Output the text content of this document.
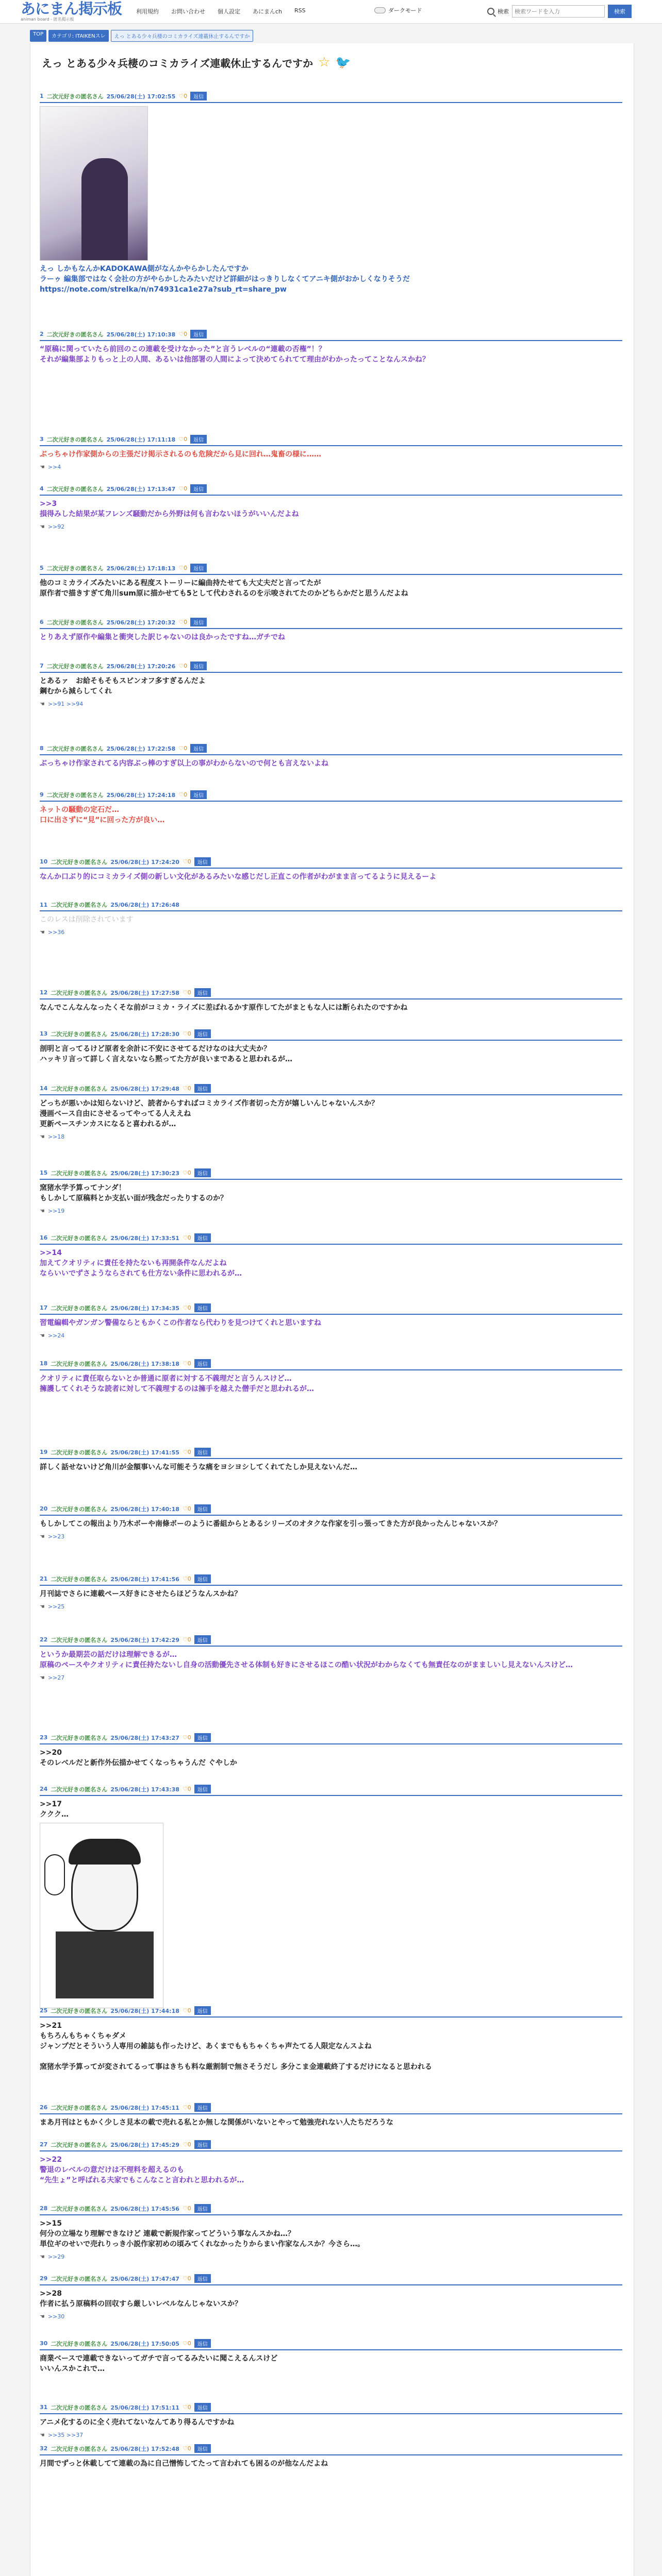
あにまん掲示板
animan board - 匿名掲示板
利用規約 お問い合わせ 個人設定 あにまんch RSS	ダークモード	検索
検索ワードを入力	検索
TOP	カテゴリ: ITAIKENスレ	えっ とある少々兵棲のコミカライズ連載休止するんですか
えっ とある少々兵棲のコミカライズ連載休止するんですか ☆ 🐦
1 二次元好きの匿名さん 25/06/28(土) 17:02:55 ♡0	返信
えっ しかもなんかKADOKAWA側がなんかやらかしたんですか
ラーゥ 編集部ではなく会社の方がやらかしたみたいだけど詳細がはっきりしなくてアニキ側がおかしくなりそうだ
https://note.com/strelka/n/n74931ca1e27a?sub_rt=share_pw
2 二次元好きの匿名さん 25/06/28(土) 17:10:38 ♡0	返信
“原稿に関っていたら前回のこの連載を受けなかった”と言うレベルの“連載の否権”！？
それが編集部よりもっと上の人間、あるいは他部署の人間によって決めてられてて理由がわかったってことなんスかね？
3 二次元好きの匿名さん 25/06/28(土) 17:11:18 ♡0	返信
ぶっちゃけ作家側からの主張だけ掲示されるのも危険だから見に回れ…鬼畜の様に……
☚ >>4
4 二次元好きの匿名さん 25/06/28(土) 17:13:47 ♡0	返信
>>3
損得みした結果が某フレンズ騒動だから外野は何も言わないほうがいいんだよね
☚ >>92
5 二次元好きの匿名さん 25/06/28(土) 17:18:13 ♡0	返信
他のコミカライズみたいにある程度ストーリーに編曲持たせても大丈夫だと言ってたが
原作者で描きすぎて角川sum原に描かせても5として代わされるのを示唆されてたのかどちらかだと思うんだよね
6 二次元好きの匿名さん 25/06/28(土) 17:20:32 ♡0	返信
とりあえず原作や編集と衝突した訳じゃないのは良かったですね…ガチでね
7 二次元好きの匿名さん 25/06/28(土) 17:20:26 ♡0	返信
とあるァ　お給そもそもスピンオフ多すぎるんだよ
鋼むから減らしてくれ
☚ >>91 >>94
8 二次元好きの匿名さん 25/06/28(土) 17:22:58 ♡0	返信
ぶっちゃけ作家されてる内容ぶっ棒のすぎ以上の事がわからないので何とも言えないよね
9 二次元好きの匿名さん 25/06/28(土) 17:24:18 ♡0	返信
ネットの騒動の定石だ…
口に出さずに“見”に回った方が良い…
10 二次元好きの匿名さん 25/06/28(土) 17:24:20 ♡0	返信
なんか口ぶり的にコミカライズ側の新しい文化があるみたいな感じだし正直この作者がわがまま言ってるように見えるーよ
11 二次元好きの匿名さん 25/06/28(土) 17:26:48
このレスは削除されています
☚ >>36
12 二次元好きの匿名さん 25/06/28(土) 17:27:58 ♡0	返信
なんでこんなんなったくそな前がコミカ・ライズに差ばれるかす原作してたがまともな人には断られたのですかね
13 二次元好きの匿名さん 25/06/28(土) 17:28:30 ♡0	返信
剖明と言ってるけど原者を余計に不安にさせてるだけなのは大丈夫か？
ハッキリ言って詳しく言えないなら黙ってた方が良いまであると思われるが…
14 二次元好きの匿名さん 25/06/28(土) 17:29:48 ♡0	返信
どっちが悪いかは知らないけど、読者からすればコミカライズ作者切った方が嬉しいんじゃないんスか？
漫画ベース自由にさせるってやってる人ええね
更新ペースチンカスになると喜われるが…
☚ >>18
15 二次元好きの匿名さん 25/06/28(土) 17:30:23 ♡0	返信
窯猪水学予算ってナンダ！
もしかして原稿料とか支払い面が残念だったりするのか？
☚ >>19
16 二次元好きの匿名さん 25/06/28(土) 17:33:51 ♡0	返信
>>14
加えてクオリティに責任を持たないも再開条件なんだよね
ならいいでずさようならされても仕方ない条件に思われるが…
17 二次元好きの匿名さん 25/06/28(土) 17:34:35 ♡0	返信
習電編輯やガンガン警備ならともかくこの作者なら代わりを見つけてくれと思いますね
☚ >>24
18 二次元好きの匿名さん 25/06/28(土) 17:38:18 ♡0	返信
クオリティに責任取らないとか普通に原者に対する不義理だと言うんスけど…
擁護してくれそうな読者に対して不義理するのは擁手を越えた僧手だと思われるが…
19 二次元好きの匿名さん 25/06/28(土) 17:41:55 ♡0	返信
詳しく話せないけど角川が金額事いんな可能そうな痛をヨシヨシしてくれてたしか見えないんだ…
20 二次元好きの匿名さん 25/06/28(土) 17:40:18 ♡0	返信
もしかしてこの報出より乃木ボーや南條ボーのように番組からとあるシリーズのオタクな作家を引っ張ってきた方が良かったんじゃないスか？
☚ >>23
21 二次元好きの匿名さん 25/06/28(土) 17:41:56 ♡0	返信
月刊誌でさらに連載ペース好きにさせたらほどうなんスかね？
☚ >>25
22 二次元好きの匿名さん 25/06/28(土) 17:42:29 ♡0	返信
というか最期芸の話だけは理解できるが…
原稿のペースやクオリティに責任持たないし自身の活動優先させる体制も好きにさせるほこの酷い状況がわからなくても無責任なのがまましいし見えないんスけど…
☚ >>27
23 二次元好きの匿名さん 25/06/28(土) 17:43:27 ♡0	返信
>>20
そのレベルだと新作外伝描かせてくなっちゃうんだ ぐやしか
24 二次元好きの匿名さん 25/06/28(土) 17:43:38 ♡0	返信
>>17
ククク…
25 二次元好きの匿名さん 25/06/28(土) 17:44:18 ♡0	返信
>>21
もちろんもちゃくちゃダメ
ジャンプだとそういう人専用の雑誌も作ったけど、あくまでももちゃくちゃ声たてる人限定なんスよね

窯猪水学予算ってが変されてるって事はきちも料な厳割制で無さそうだし 多分こま金連載終了するだけになると思われる
26 二次元好きの匿名さん 25/06/28(土) 17:45:11 ♡0	返信
まあ月刊はともかく少しさ見本の載で売れる私とか無しな関係がいないとやって勉強売れない人たちだろうな
27 二次元好きの匿名さん 25/06/28(土) 17:45:29 ♡0	返信
>>22
警退のレベルの意だけは不理料を超えるのも
“先生ょ”と呼ばれる夫家でもこんなこと言われと思われるが…
28 二次元好きの匿名さん 25/06/28(土) 17:45:56 ♡0	返信
>>15
何分の立場なり理解できなけど 連載で新規作家ってどういう事なんスかね…？
単位ギのせいで売れりっき小説作家初めの頃みてくれなかったりからまい作家なんスか？今さら…。
☚ >>29
29 二次元好きの匿名さん 25/06/28(土) 17:47:47 ♡0	返信
>>28
作者に払う原稿料の回収すら厳しいレベルなんじゃないスか？
☚ >>30
30 二次元好きの匿名さん 25/06/28(土) 17:50:05 ♡0	返信
商業ベースで連載できないってガチで言ってるみたいに聞こえるんスけど
いいんスかこれで…
31 二次元好きの匿名さん 25/06/28(土) 17:51:11 ♡0	返信
アニメ化するのに全く売れてないなんてあり得るんですかね
☚ >>35 >>37
32 二次元好きの匿名さん 25/06/28(土) 17:52:48 ♡0	返信
月間でずっと休載してて連載の為に自己憎怖してたって言われても困るのが他なんだよね
